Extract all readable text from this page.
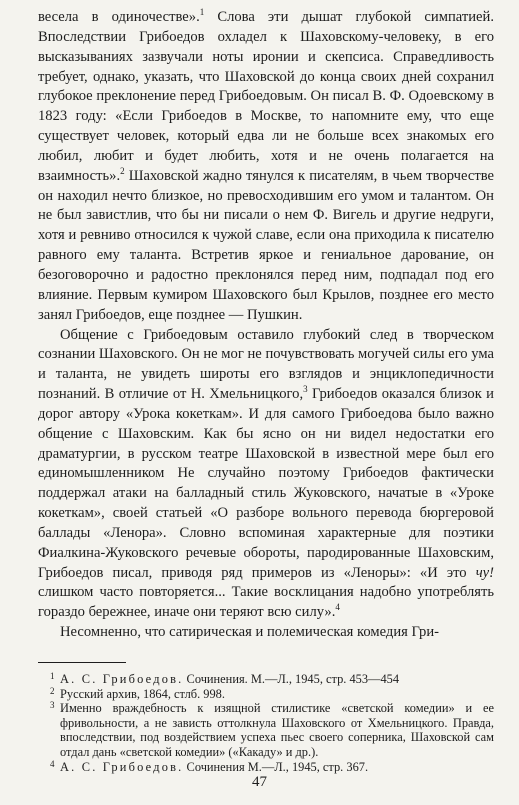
весела в одиночестве».$^1$ Слова эти дышат глубокой симпатией. Впоследствии Грибоедов охладел к Шаховскому-человеку, в его высказываниях зазвучали ноты иронии и скепсиса. Справедливость требует, однако, указать, что Шаховской до конца своих дней сохранил глубокое преклонение перед Грибоедовым. Он писал В. Ф. Одоевскому в 1823 году: «Если Грибоедов в Москве, то напомните ему, что еще существует человек, который едва ли не больше всех знакомых его любил, любит и будет любить, хотя и не очень полагается на взаимность».$^2$ Шаховской жадно тянулся к писателям, в чьем творчестве он находил нечто близкое, но превосходившим его умом и талантом. Он не был завистлив, что бы ни писали о нем Ф. Вигель и другие недруги, хотя и ревниво относился к чужой славе, если она приходила к писателю равного ему таланта. Встретив яркое и гениальное дарование, он безоговорочно и радостно преклонялся перед ним, подпадал под его влияние. Первым кумиром Шаховского был Крылов, позднее его место занял Грибоедов, еще позднее — Пушкин.

Общение с Грибоедовым оставило глубокий след в творческом сознании Шаховского. Он не мог не почувствовать могучей силы его ума и таланта, не увидеть широты его взглядов и энциклопедичности познаний. В отличие от Н. Хмельницкого,$^3$ Грибоедов оказался близок и дорог автору «Урока кокеткам». И для самого Грибоедова было важно общение с Шаховским. Как бы ясно он ни видел недостатки его драматургии, в русском театре Шаховской в известной мере был его единомышленником Не случайно поэтому Грибоедов фактически поддержал атаки на балладный стиль Жуковского, начатые в «Уроке кокеткам», своей статьей «О разборе вольного перевода бюргеровой баллады «Ленора». Словно вспоминая характерные для поэтики Фиалкина-Жуковского речевые обороты, пародированные Шаховским, Грибоедов писал, приводя ряд примеров из «Леноры»: «И это чу! слишком часто повторяется... Такие восклицания надобно употреблять гораздо бережнее, иначе они теряют всю силу».$^4$

Несомненно, что сатирическая и полемическая комедия Гри-

1 А. С. Грибоедов. Сочинения. М.—Л., 1945, стр. 453—454
2 Русский архив, 1864, стлб. 998.
3 Именно враждебность к изящной стилистике «светской комедии» и ее фривольности, а не зависть оттолкнула Шаховского от Хмельницкого. Правда, впоследствии, под воздействием успеха пьес своего соперника, Шаховской сам отдал дань «светской комедии» («Какаду» и др.).
4 А. С. Грибоедов. Сочинения М.—Л., 1945, стр. 367.
47
